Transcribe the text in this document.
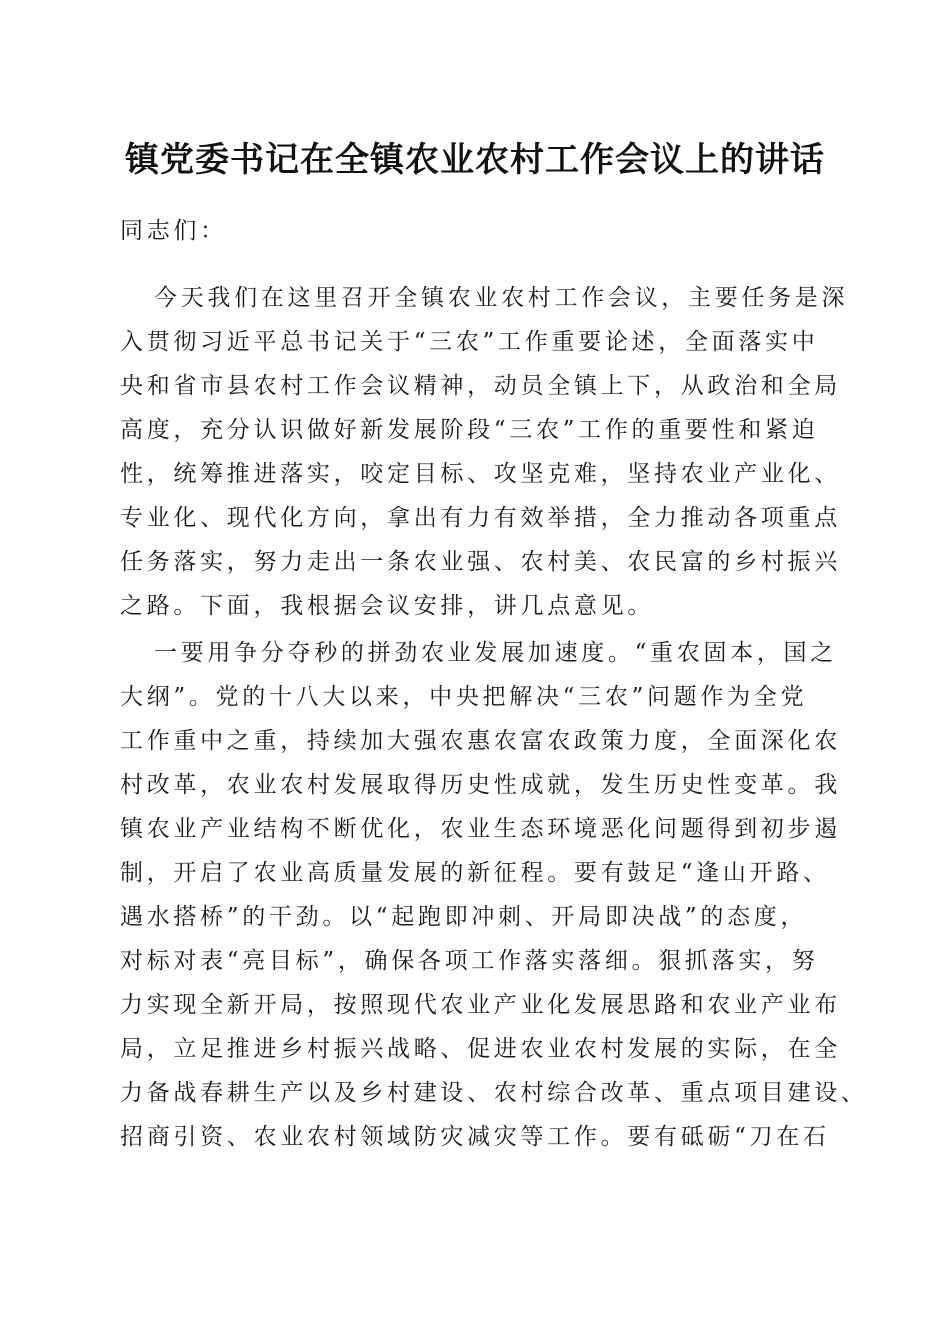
镇党委书记在全镇农业农村工作会议上的讲话
同志们：
今天我们在这里召开全镇农业农村工作会议，主要任务是深
入贯彻习近平总书记关于“三农”工作重要论述，全面落实中
央和省市县农村工作会议精神，动员全镇上下，从政治和全局
高度，充分认识做好新发展阶段“三农”工作的重要性和紧迫
性，统筹推进落实，咬定目标、攻坚克难，坚持农业产业化、
专业化、现代化方向，拿出有力有效举措，全力推动各项重点
任务落实，努力走出一条农业强、农村美、农民富的乡村振兴
之路。下面，我根据会议安排，讲几点意见。
一要用争分夺秒的拼劲农业发展加速度。“重农固本，国之
大纲”。党的十八大以来，中央把解决“三农”问题作为全党
工作重中之重，持续加大强农惠农富农政策力度，全面深化农
村改革，农业农村发展取得历史性成就，发生历史性变革。我
镇农业产业结构不断优化，农业生态环境恶化问题得到初步遏
制，开启了农业高质量发展的新征程。要有鼓足“逢山开路、
遇水搭桥”的干劲。以“起跑即冲刺、开局即决战”的态度，
对标对表“亮目标”，确保各项工作落实落细。狠抓落实，努
力实现全新开局，按照现代农业产业化发展思路和农业产业布
局，立足推进乡村振兴战略、促进农业农村发展的实际，在全
力备战春耕生产以及乡村建设、农村综合改革、重点项目建设、
招商引资、农业农村领域防灾减灾等工作。要有砥砺“刀在石
